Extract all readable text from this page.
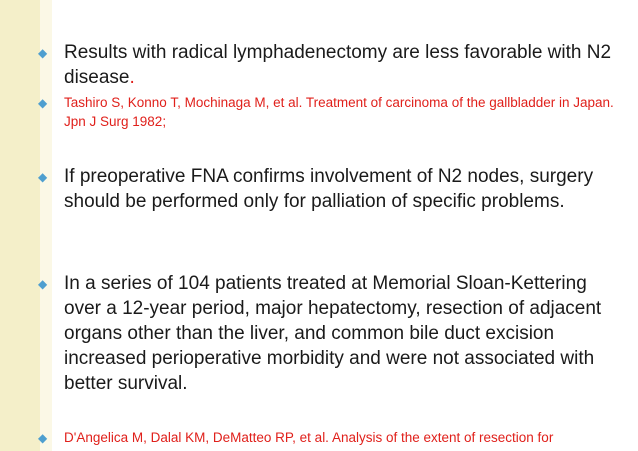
◆ Results with radical lymphadenectomy are less favorable with N2 disease.

◆ Tashiro S, Konno T, Mochinaga M, et al. Treatment of carcinoma of the gallbladder in Japan. Jpn J Surg 1982;

◆ If preoperative FNA confirms involvement of N2 nodes, surgery should be performed only for palliation of specific problems.

◆ In a series of 104 patients treated at Memorial Sloan-Kettering over a 12-year period, major hepatectomy, resection of adjacent organs other than the liver, and common bile duct excision increased perioperative morbidity and were not associated with better survival.

◆ D'Angelica M, Dalal KM, DeMatteo RP, et al. Analysis of the extent of resection for
